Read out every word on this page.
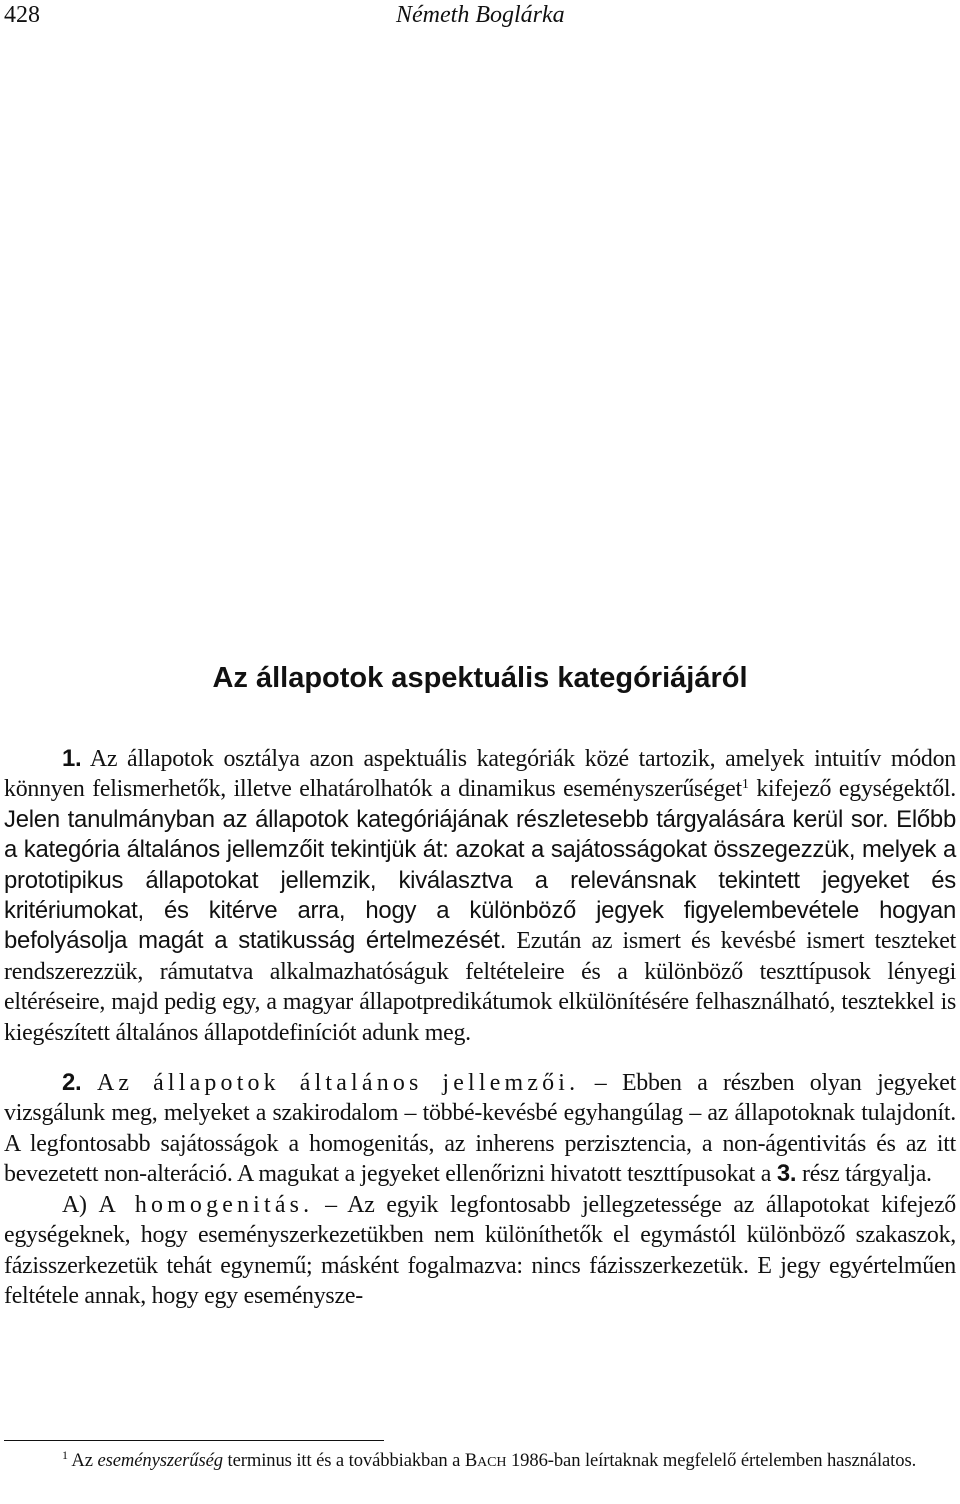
428	Németh Boglárka
Az állapotok aspektuális kategóriájáról

1. Az állapotok osztálya azon aspektuális kategóriák közé tartozik, amelyek intuitív módon könnyen felismerhetők, illetve elhatárolhatók a dinamikus eseményszerűséget$^1$ kifejező egységektől. Jelen tanulmányban az állapotok kategóriájának részletesebb tárgyalására kerül sor. Előbb a kategória általános jellemzőit tekintjük át: azokat a sajátosságokat összegezzük, melyek a prototipikus állapotokat jellemzik, kiválasztva a relevánsnak tekintett jegyeket és kritériumokat, és kitérve arra, hogy a különböző jegyek figyelembevétele hogyan befolyásolja magát a statikusság értelmezését. Ezután az ismert és kevésbé ismert teszteket rendszerezzük, rámutatva alkalmazhatóságuk feltételeire és a különböző teszttípusok lényegi eltéréseire, majd pedig egy, a magyar állapotpredikátumok elkülönítésére felhasználható, tesztekkel is kiegészített általános állapotdefiníciót adunk meg.

2. Az állapotok általános jellemzői. – Ebben a részben olyan jegyeket vizsgálunk meg, melyeket a szakirodalom – többé-kevésbé egyhangúlag – az állapotoknak tulajdonít. A legfontosabb sajátosságok a homogenitás, az inherens perzisztencia, a non-ágentivitás és az itt bevezetett non-alteráció. A magukat a jegyeket ellenőrizni hivatott teszttípusokat a 3. rész tárgyalja.

A) A homogenitás. – Az egyik legfontosabb jellegzetessége az állapotokat kifejező egységeknek, hogy eseményszerkezetükben nem különíthetők el egymástól különböző szakaszok, fázisszerkezetük tehát egynemű; másként fogalmazva: nincs fázisszerkezetük. E jegy egyértelműen feltétele annak, hogy egy eseménysze-

$^1$ Az eseményszerűség terminus itt és a továbbiakban a BACH 1986-ban leírtaknak megfelelő értelemben használatos.
